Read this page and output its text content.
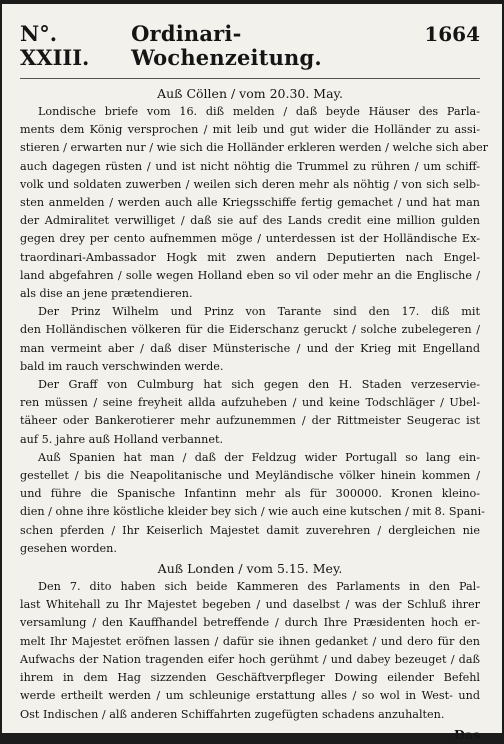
N°. XXIII.
Ordinari-Wochenzeitung.
1664
Auß Cöllen / vom 20.30. May.
Londische briefe vom 16. diß melden / daß beyde Häuser des Parla-
ments dem König versprochen / mit leib und gut wider die Holländer zu assi-
stieren / erwarten nur / wie sich die Holländer erkleren werden / welche sich aber
auch dagegen rüsten / und ist nicht nöhtig die Trummel zu rühren / um schiff-
volk und soldaten zuwerben / weilen sich deren mehr als nöhtig / von sich selb-
sten anmelden / werden auch alle Kriegsschiffe fertig gemachet / und hat man
der Admiralitet verwilliget / daß sie auf des Lands credit eine million gulden
gegen drey per cento aufnemmen möge / unterdessen ist der Holländische Ex-
traordinari-Ambassador Hogk mit zwen andern Deputierten nach Engel-
land abgefahren / solle wegen Holland eben so vil oder mehr an die Englische /
als dise an jene prætendieren.
Der Prinz Wilhelm und Prinz von Tarante sind den 17. diß mit
den Holländischen völkeren für die Eiderschanz geruckt / solche zubelegeren /
man vermeint aber / daß diser Münsterische / und der Krieg mit Engelland
bald im rauch verschwinden werde.
Der Graff von Culmburg hat sich gegen den H. Staden verzeservie-
ren müssen / seine freyheit allda aufzuheben / und keine Todschläger / Ubel-
täheer oder Bankerotierer mehr aufzunemmen / der Rittmeister Seugerac ist
auf 5. jahre auß Holland verbannet.
Auß Spanien hat man / daß der Feldzug wider Portugall so lang ein-
gestellet / bis die Neapolitanische und Meyländische völker hinein kommen /
und führe die Spanische Infantinn mehr als für 300000. Kronen kleino-
dien / ohne ihre köstliche kleider bey sich / wie auch eine kutschen / mit 8. Spani-
schen pferden / Ihr Keiserlich Majestet damit zuverehren / dergleichen nie
gesehen worden.
Auß Londen / vom 5.15. Mey.
Den 7. dito haben sich beide Kammeren des Parlaments in den Pal-
last Whitehall zu Ihr Majestet begeben / und daselbst / was der Schluß ihrer
versamlung / den Kauffhandel betreffende / durch Ihre Præsidenten hoch er-
melt Ihr Majestet eröfnen lassen / dafür sie ihnen gedanket / und dero für den
Aufwachs der Nation tragenden eifer hoch gerühmt / und dabey bezeuget / daß
ihrem in dem Hag sizzenden Geschäftverpfleger Dowing eilender Befehl
werde ertheilt werden / um schleunige erstattung alles / so wol in West- und
Ost Indischen / alß anderen Schiffahrten zugefügten schadens anzuhalten.
Das
